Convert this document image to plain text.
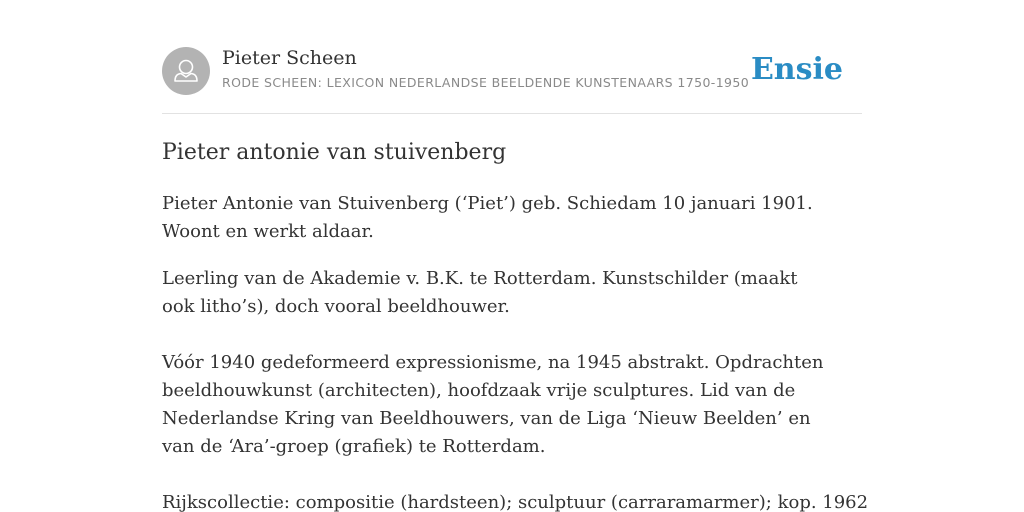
Pieter Scheen
RODE SCHEEN: LEXICON NEDERLANDSE BEELDENDE KUNSTENAARS 1750-1950 Ensie
Pieter antonie van stuivenberg

Pieter Antonie van Stuivenberg (‘Piet’) geb. Schiedam 10 januari 1901. Woont en werkt aldaar.

Leerling van de Akademie v. B.K. te Rotterdam. Kunstschilder (maakt ook litho’s), doch vooral beeldhouwer.

Vóór 1940 gedeformeerd expressionisme, na 1945 abstrakt. Opdrachten beeldhouwkunst (architecten), hoofdzaak vrije sculptures. Lid van de Nederlandse Kring van Beeldhouwers, van de Liga ‘Nieuw Beelden’ en van de ‘Ara’-groep (grafiek) te Rotterdam.

Rijkscollectie: compositie (hardsteen); sculptuur (carraramarmer); kop. 1962
